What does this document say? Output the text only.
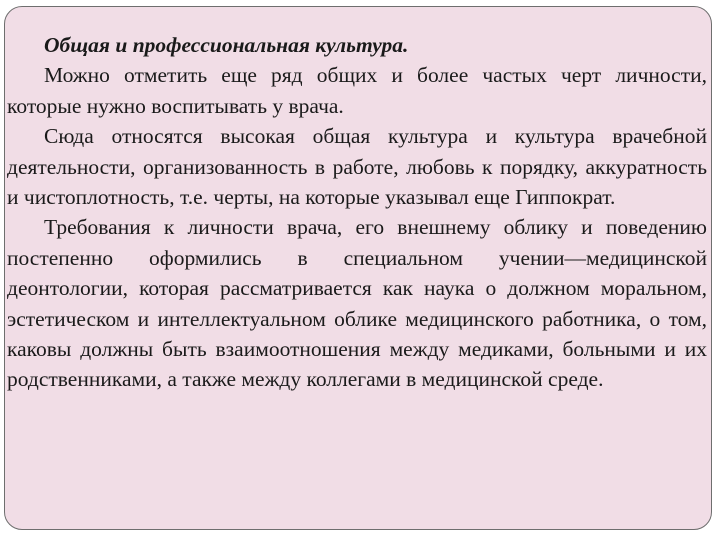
Общая и профессиональная культура.

Можно отметить еще ряд общих и более частых черт личности, которые нужно воспитывать у врача.

Сюда относятся высокая общая культура и культура врачебной деятельности, организованность в работе, любовь к порядку, аккуратность и чистоплотность, т.е. черты, на которые указывал еще Гиппократ.

Требования к личности врача, его внешнему облику и поведению постепенно оформились в специальном учении—медицинской деонтологии, которая рассматривается как наука о должном моральном, эстетическом и интеллектуальном облике медицинского работника, о том, каковы должны быть взаимоотношения между медиками, больными и их родственниками, а также между коллегами в медицинской среде.
